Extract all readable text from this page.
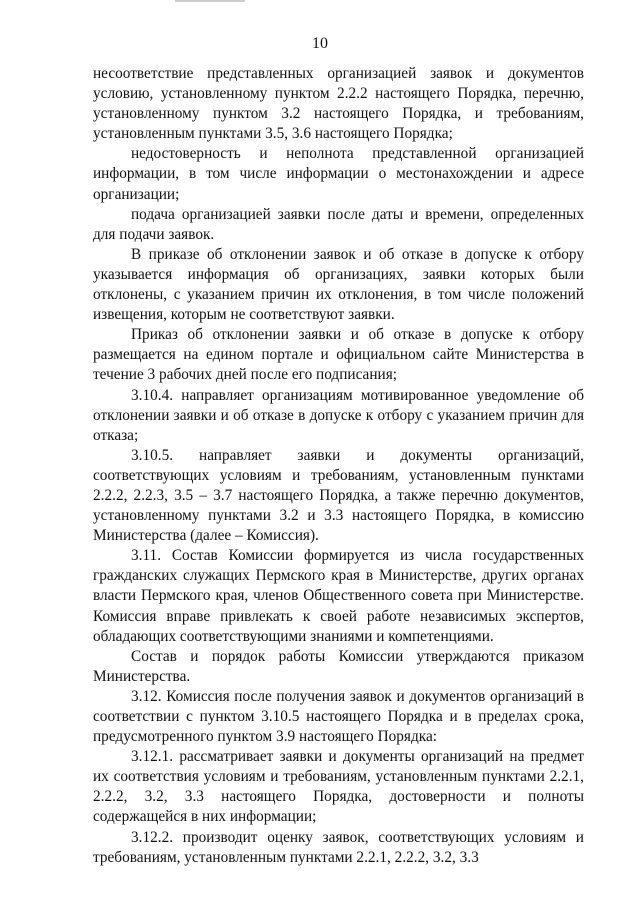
10

несоответствие представленных организацией заявок и документов условию, установленному пунктом 2.2.2 настоящего Порядка, перечню, установленному пунктом 3.2 настоящего Порядка, и требованиям, установленным пунктами 3.5, 3.6 настоящего Порядка;

недостоверность и неполнота представленной организацией информации, в том числе информации о местонахождении и адресе организации;

подача организацией заявки после даты и времени, определенных для подачи заявок.

В приказе об отклонении заявок и об отказе в допуске к отбору указывается информация об организациях, заявки которых были отклонены, с указанием причин их отклонения, в том числе положений извещения, которым не соответствуют заявки.

Приказ об отклонении заявки и об отказе в допуске к отбору размещается на едином портале и официальном сайте Министерства в течение 3 рабочих дней после его подписания;

3.10.4. направляет организациям мотивированное уведомление об отклонении заявки и об отказе в допуске к отбору с указанием причин для отказа;

3.10.5. направляет заявки и документы организаций, соответствующих условиям и требованиям, установленным пунктами 2.2.2, 2.2.3, 3.5 – 3.7 настоящего Порядка, а также перечню документов, установленному пунктами 3.2 и 3.3 настоящего Порядка, в комиссию Министерства (далее – Комиссия).

3.11. Состав Комиссии формируется из числа государственных гражданских служащих Пермского края в Министерстве, других органах власти Пермского края, членов Общественного совета при Министерстве. Комиссия вправе привлекать к своей работе независимых экспертов, обладающих соответствующими знаниями и компетенциями.

Состав и порядок работы Комиссии утверждаются приказом Министерства.

3.12. Комиссия после получения заявок и документов организаций в соответствии с пунктом 3.10.5 настоящего Порядка и в пределах срока, предусмотренного пунктом 3.9 настоящего Порядка:

3.12.1. рассматривает заявки и документы организаций на предмет их соответствия условиям и требованиям, установленным пунктами 2.2.1, 2.2.2, 3.2, 3.3 настоящего Порядка, достоверности и полноты содержащейся в них информации;

3.12.2. производит оценку заявок, соответствующих условиям и требованиям, установленным пунктами 2.2.1, 2.2.2, 3.2, 3.3
